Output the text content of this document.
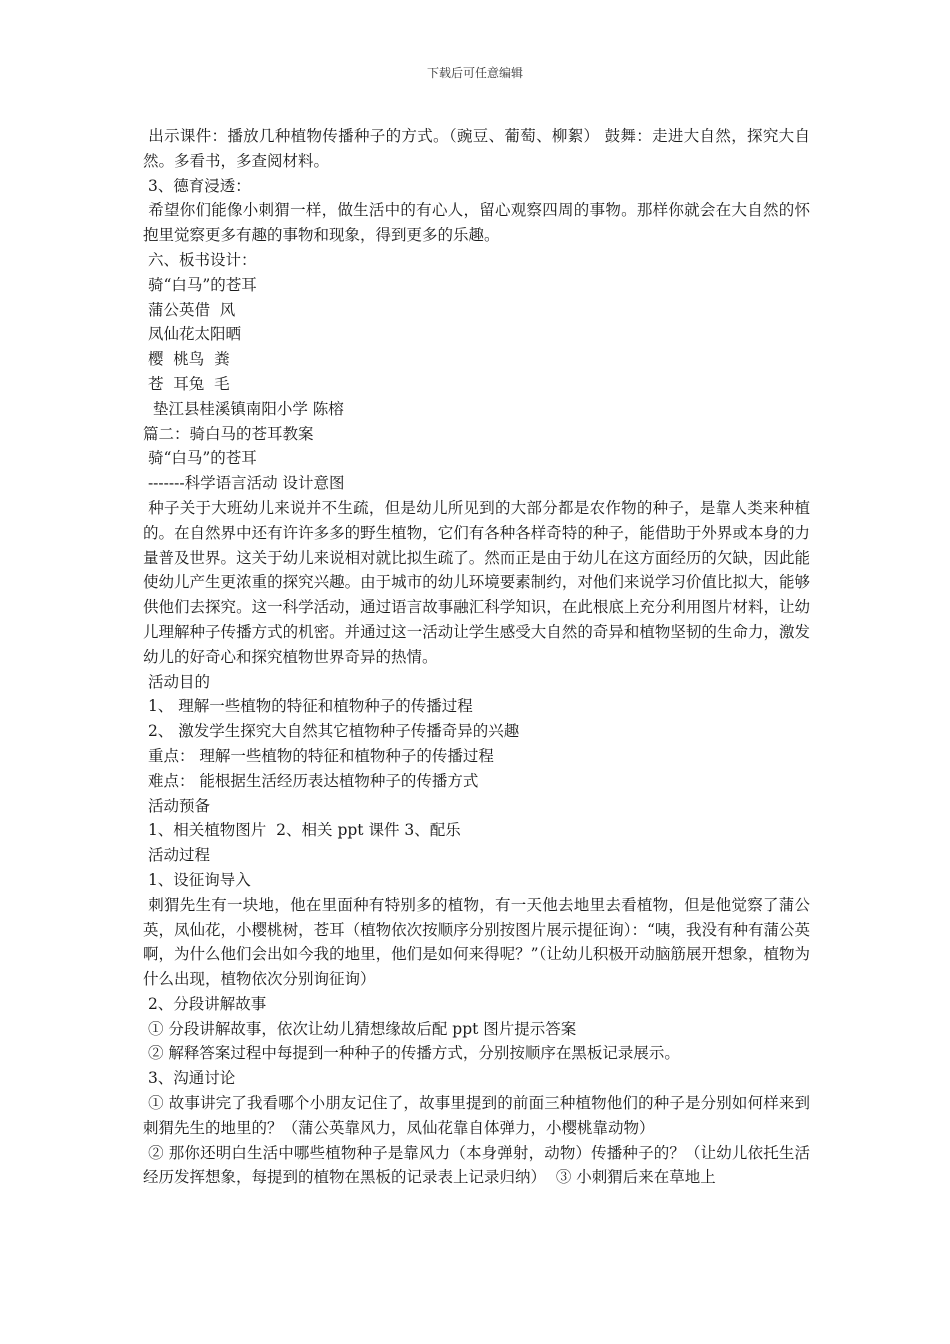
下载后可任意编辑

出示课件：播放几种植物传播种子的方式。（豌豆、葡萄、柳絮） 鼓舞：走进大自然，探究大自然。多看书，多查阅材料。

3、德育浸透：

希望你们能像小刺猬一样，做生活中的有心人，留心观察四周的事物。那样你就会在大自然的怀抱里觉察更多有趣的事物和现象，得到更多的乐趣。

六、板书设计：

骑“白马”的苍耳

蒲公英借  风

凤仙花太阳晒

樱  桃鸟  粪

苍  耳兔  毛

垫江县桂溪镇南阳小学 陈榕

篇二：骑白马的苍耳教案

骑“白马”的苍耳

-------科学语言活动 设计意图

种子关于大班幼儿来说并不生疏，但是幼儿所见到的大部分都是农作物的种子，是靠人类来种植的。在自然界中还有许许多多的野生植物，它们有各种各样奇特的种子，能借助于外界或本身的力量普及世界。这关于幼儿来说相对就比拟生疏了。然而正是由于幼儿在这方面经历的欠缺，因此能使幼儿产生更浓重的探究兴趣。由于城市的幼儿环境要素制约，对他们来说学习价值比拟大，能够供他们去探究。这一科学活动，通过语言故事融汇科学知识，在此根底上充分利用图片材料，让幼儿理解种子传播方式的机密。并通过这一活动让学生感受大自然的奇异和植物坚韧的生命力，激发幼儿的好奇心和探究植物世界奇异的热情。

活动目的

1、 理解一些植物的特征和植物种子的传播过程

2、 激发学生探究大自然其它植物种子传播奇异的兴趣

重点： 理解一些植物的特征和植物种子的传播过程

难点： 能根据生活经历表达植物种子的传播方式

活动预备

1、相关植物图片  2、相关 ppt 课件 3、配乐

活动过程

1、设征询导入

刺猬先生有一块地，他在里面种有特别多的植物，有一天他去地里去看植物，但是他觉察了蒲公英，凤仙花，小樱桃树，苍耳（植物依次按顺序分别按图片展示提征询）：“咦，我没有种有蒲公英啊，为什么他们会出如今我的地里，他们是如何来得呢？”（让幼儿积极开动脑筋展开想象，植物为什么出现，植物依次分别询征询）

2、分段讲解故事

① 分段讲解故事，依次让幼儿猜想缘故后配 ppt 图片提示答案

② 解释答案过程中每提到一种种子的传播方式，分别按顺序在黑板记录展示。

3、沟通讨论

① 故事讲完了我看哪个小朋友记住了，故事里提到的前面三种植物他们的种子是分别如何样来到刺猬先生的地里的？（蒲公英靠风力，凤仙花靠自体弹力，小樱桃靠动物）

② 那你还明白生活中哪些植物种子是靠风力（本身弹射，动物）传播种子的？（让幼儿依托生活经历发挥想象，每提到的植物在黑板的记录表上记录归纳）  ③ 小刺猬后来在草地上
